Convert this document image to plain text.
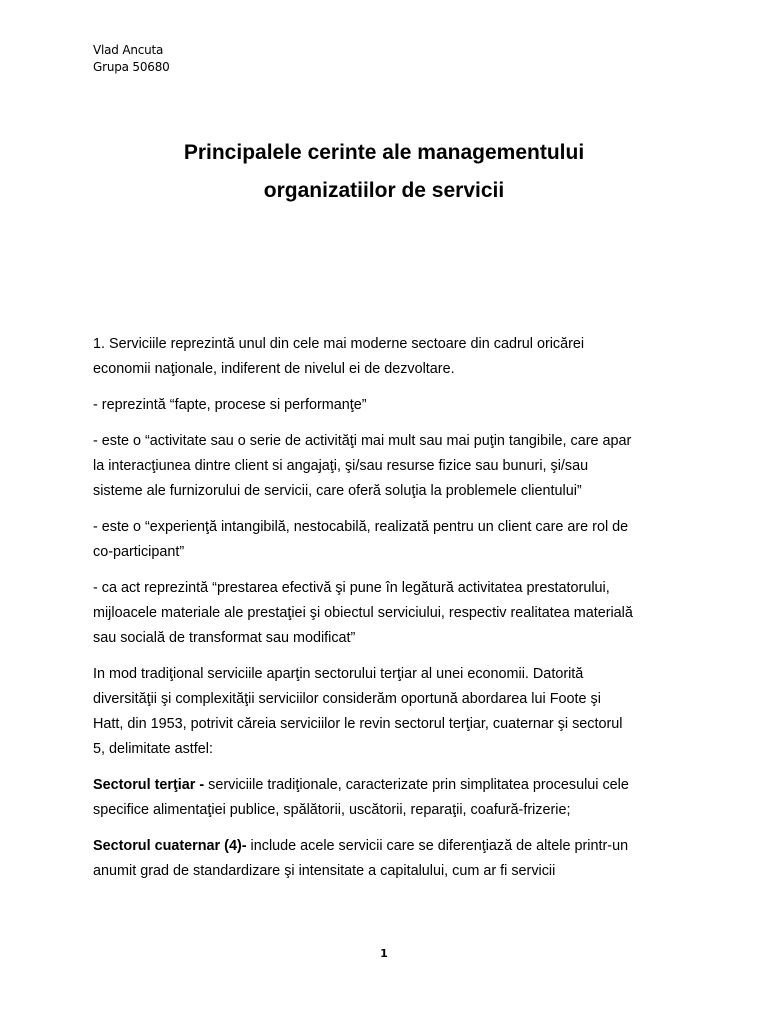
Vlad Ancuta
Grupa 50680
Principalele cerinte ale managementului
organizatiilor de servicii
1. Serviciile reprezintă unul din cele mai moderne sectoare din cadrul oricărei
economii naţionale, indiferent de nivelul ei de dezvoltare.
- reprezintă “fapte, procese si performanţe”
- este o “activitate sau o serie de activităţi mai mult sau mai puţin tangibile, care apar
la interacţiunea dintre client si angajaţi, şi/sau resurse fizice sau bunuri, şi/sau
sisteme ale furnizorului de servicii, care oferă soluţia la problemele clientului”
- este o “experienţă intangibilă, nestocabilă, realizată pentru un client care are rol de
co-participant”
- ca act reprezintă “prestarea efectivă şi pune în legătură activitatea prestatorului,
mijloacele materiale ale prestaţiei şi obiectul serviciului, respectiv realitatea materială
sau socială de transformat sau modificat”
In mod tradiţional serviciile aparţin sectorului terţiar al unei economii. Datorită
diversităţii şi complexităţii serviciilor considerăm oportună abordarea lui Foote şi
Hatt, din 1953, potrivit căreia serviciilor le revin sectorul terţiar, cuaternar şi sectorul
5, delimitate astfel:
Sectorul terţiar - serviciile tradiţionale, caracterizate prin simplitatea procesului cele
specifice alimentaţiei publice, spălătorii, uscătorii, reparaţii, coafură-frizerie;
Sectorul cuaternar (4)- include acele servicii care se diferenţiază de altele printr-un
anumit grad de standardizare şi intensitate a capitalului, cum ar fi servicii
1
